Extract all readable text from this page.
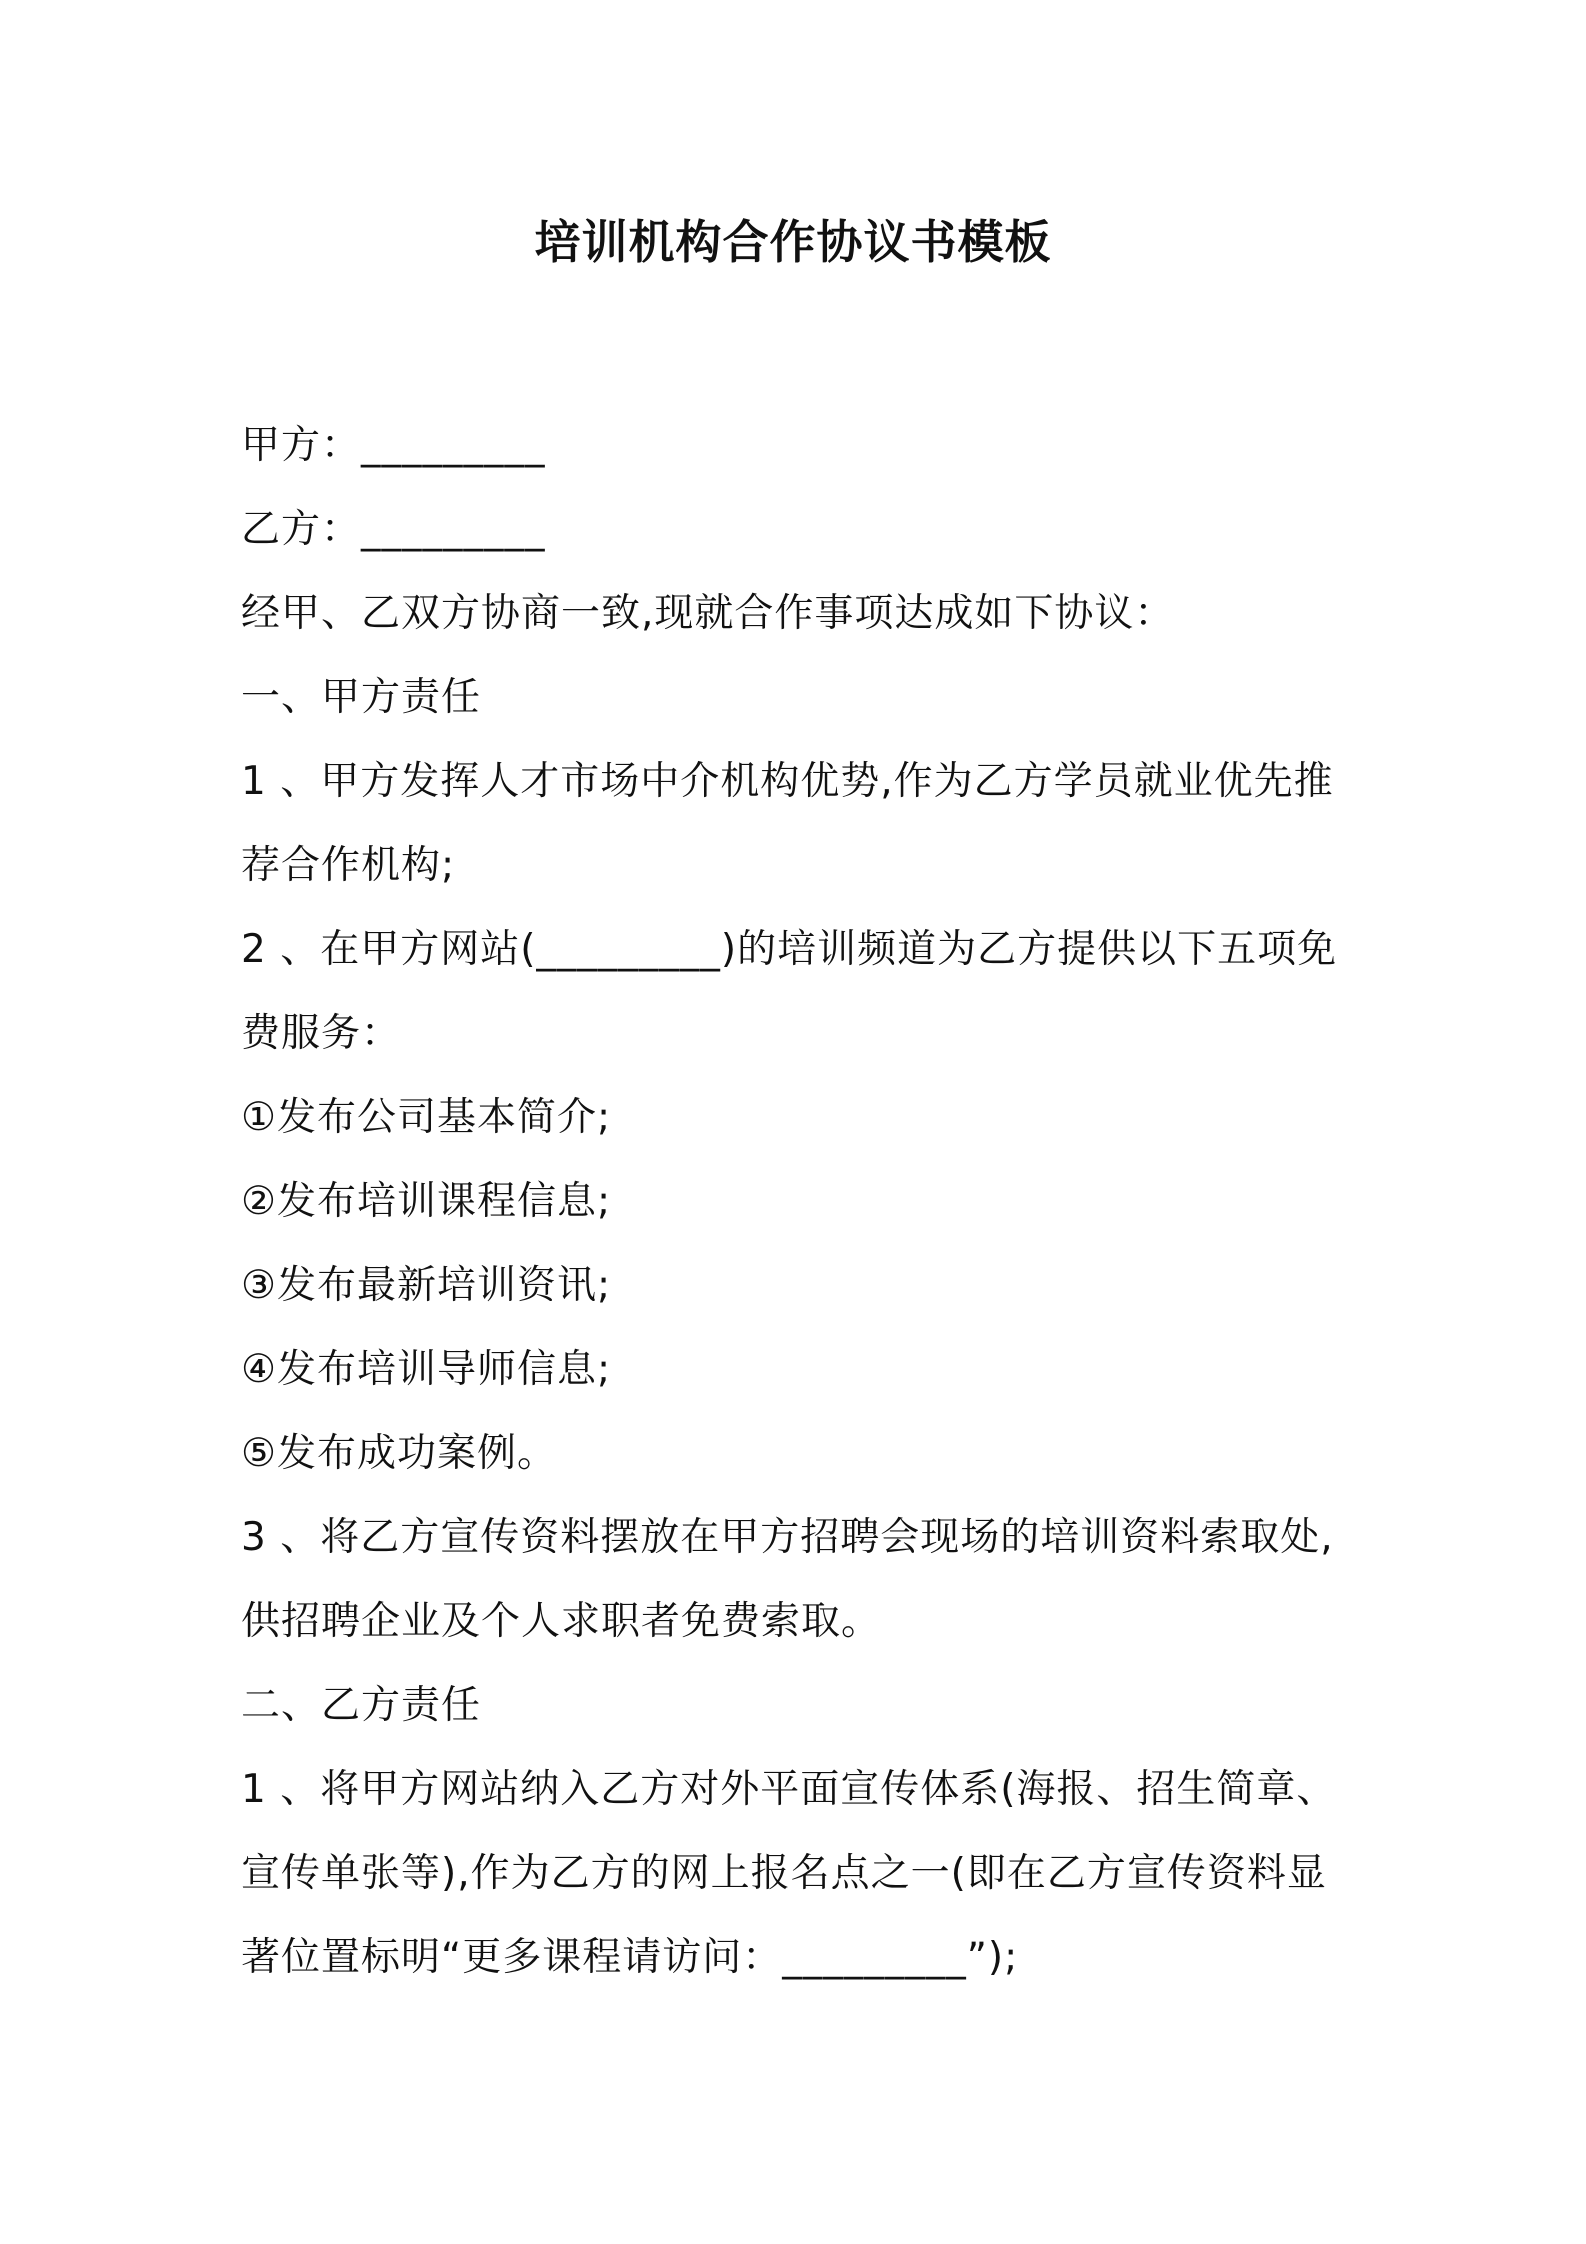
培训机构合作协议书模板

甲方：_________

乙方：_________

经甲、乙双方协商一致,现就合作事项达成如下协议：

一、甲方责任

1 、甲方发挥人才市场中介机构优势,作为乙方学员就业优先推

荐合作机构;

2 、在甲方网站(_________)的培训频道为乙方提供以下五项免

费服务：

①发布公司基本简介;

②发布培训课程信息;

③发布最新培训资讯;

④发布培训导师信息;

⑤发布成功案例。

3 、将乙方宣传资料摆放在甲方招聘会现场的培训资料索取处,

供招聘企业及个人求职者免费索取。

二、乙方责任

1 、将甲方网站纳入乙方对外平面宣传体系(海报、招生简章、

宣传单张等),作为乙方的网上报名点之一(即在乙方宣传资料显

著位置标明“更多课程请访问：_________”);
